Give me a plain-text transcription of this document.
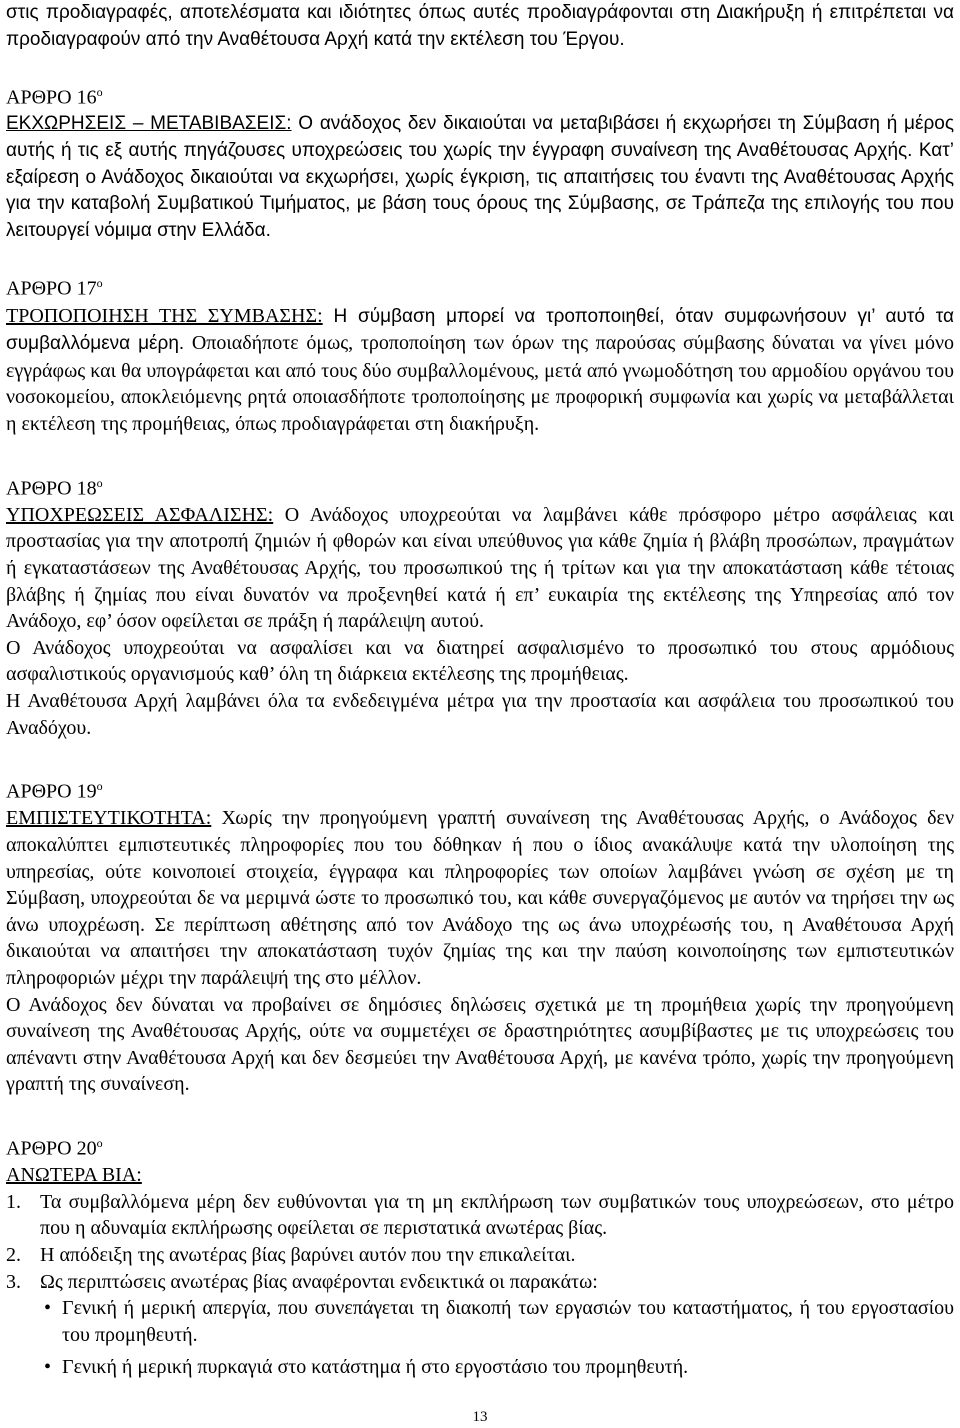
στις προδιαγραφές, αποτελέσματα και ιδιότητες όπως αυτές προδιαγράφονται στη Διακήρυξη ή επιτρέπεται να προδιαγραφούν από την Αναθέτουσα Αρχή κατά την εκτέλεση του Έργου.

ΑΡΘΡΟ $16^o$

ΕΚΧΩΡΗΣΕΙΣ – ΜΕΤΑΒΙΒΑΣΕΙΣ: Ο ανάδοχος δεν δικαιούται να μεταβιβάσει ή εκχωρήσει τη Σύμβαση ή μέρος αυτής ή τις εξ αυτής πηγάζουσες υποχρεώσεις του χωρίς την έγγραφη συναίνεση της Αναθέτουσας Αρχής. Κατ’ εξαίρεση ο Ανάδοχος δικαιούται να εκχωρήσει, χωρίς έγκριση, τις απαιτήσεις του έναντι της Αναθέτουσας Αρχής για την καταβολή Συμβατικού Τιμήματος, με βάση τους όρους της Σύμβασης, σε Τράπεζα της επιλογής του που λειτουργεί νόμιμα στην Ελλάδα.

ΑΡΘΡΟ $17^o$

ΤΡΟΠΟΠΟΙΗΣΗ ΤΗΣ ΣΥΜΒΑΣΗΣ: Η σύμβαση μπορεί να τροποποιηθεί, όταν συμφωνήσουν γι’ αυτό τα συμβαλλόμενα μέρη. Οποιαδήποτε όμως, τροποποίηση των όρων της παρούσας σύμβασης δύναται να γίνει μόνο εγγράφως και θα υπογράφεται και από τους δύο συμβαλλομένους, μετά από γνωμοδότηση του αρμοδίου οργάνου του νοσοκομείου, αποκλειόμενης ρητά οποιασδήποτε τροποποίησης με προφορική συμφωνία και χωρίς να μεταβάλλεται η εκτέλεση της προμήθειας, όπως προδιαγράφεται στη διακήρυξη.

ΑΡΘΡΟ $18^o$

ΥΠΟΧΡΕΩΣΕΙΣ ΑΣΦΑΛΙΣΗΣ: Ο Ανάδοχος υποχρεούται να λαμβάνει κάθε πρόσφορο μέτρο ασφάλειας και προστασίας για την αποτροπή ζημιών ή φθορών και είναι υπεύθυνος για κάθε ζημία ή βλάβη προσώπων, πραγμάτων ή εγκαταστάσεων της Αναθέτουσας Αρχής, του προσωπικού της ή τρίτων και για την αποκατάσταση κάθε τέτοιας βλάβης ή ζημίας που είναι δυνατόν να προξενηθεί κατά ή επ’ ευκαιρία της εκτέλεσης της Υπηρεσίας από τον Ανάδοχο, εφ’ όσον οφείλεται σε πράξη ή παράλειψη αυτού.

Ο Ανάδοχος υποχρεούται να ασφαλίσει και να διατηρεί ασφαλισμένο το προσωπικό του στους αρμόδιους ασφαλιστικούς οργανισμούς καθ’ όλη τη διάρκεια εκτέλεσης της προμήθειας.

Η Αναθέτουσα Αρχή λαμβάνει όλα τα ενδεδειγμένα μέτρα για την προστασία και ασφάλεια του προσωπικού του Αναδόχου.

ΑΡΘΡΟ $19^o$

ΕΜΠΙΣΤΕΥΤΙΚΟΤΗΤΑ: Χωρίς την προηγούμενη γραπτή συναίνεση της Αναθέτουσας Αρχής, ο Ανάδοχος δεν αποκαλύπτει εμπιστευτικές πληροφορίες που του δόθηκαν ή που ο ίδιος ανακάλυψε κατά την υλοποίηση της υπηρεσίας, ούτε κοινοποιεί στοιχεία, έγγραφα και πληροφορίες των οποίων λαμβάνει γνώση σε σχέση με τη Σύμβαση, υποχρεούται δε να μεριμνά ώστε το προσωπικό του, και κάθε συνεργαζόμενος με αυτόν να τηρήσει την ως άνω υποχρέωση. Σε περίπτωση αθέτησης από τον Ανάδοχο της ως άνω υποχρέωσής του, η Αναθέτουσα Αρχή δικαιούται να απαιτήσει την αποκατάσταση τυχόν ζημίας της και την παύση κοινοποίησης των εμπιστευτικών πληροφοριών μέχρι την παράλειψή της στο μέλλον.

Ο Ανάδοχος δεν δύναται να προβαίνει σε δημόσιες δηλώσεις σχετικά με τη προμήθεια χωρίς την προηγούμενη συναίνεση της Αναθέτουσας Αρχής, ούτε να συμμετέχει σε δραστηριότητες ασυμβίβαστες με τις υποχρεώσεις του απέναντι στην Αναθέτουσα Αρχή και δεν δεσμεύει την Αναθέτουσα Αρχή, με κανένα τρόπο, χωρίς την προηγούμενη γραπτή της συναίνεση.

ΑΡΘΡΟ $20^o$
ΑΝΩΤΕΡΑ ΒΙΑ:
1. Τα συμβαλλόμενα μέρη δεν ευθύνονται για τη μη εκπλήρωση των συμβατικών τους υποχρεώσεων, στο μέτρο που η αδυναμία εκπλήρωσης οφείλεται σε περιστατικά ανωτέρας βίας.
2. Η απόδειξη της ανωτέρας βίας βαρύνει αυτόν που την επικαλείται.
3. Ως περιπτώσεις ανωτέρας βίας αναφέρονται ενδεικτικά οι παρακάτω:
• Γενική ή μερική απεργία, που συνεπάγεται τη διακοπή των εργασιών του καταστήματος, ή του εργοστασίου του προμηθευτή.
• Γενική ή μερική πυρκαγιά στο κατάστημα ή στο εργοστάσιο του προμηθευτή.
13
